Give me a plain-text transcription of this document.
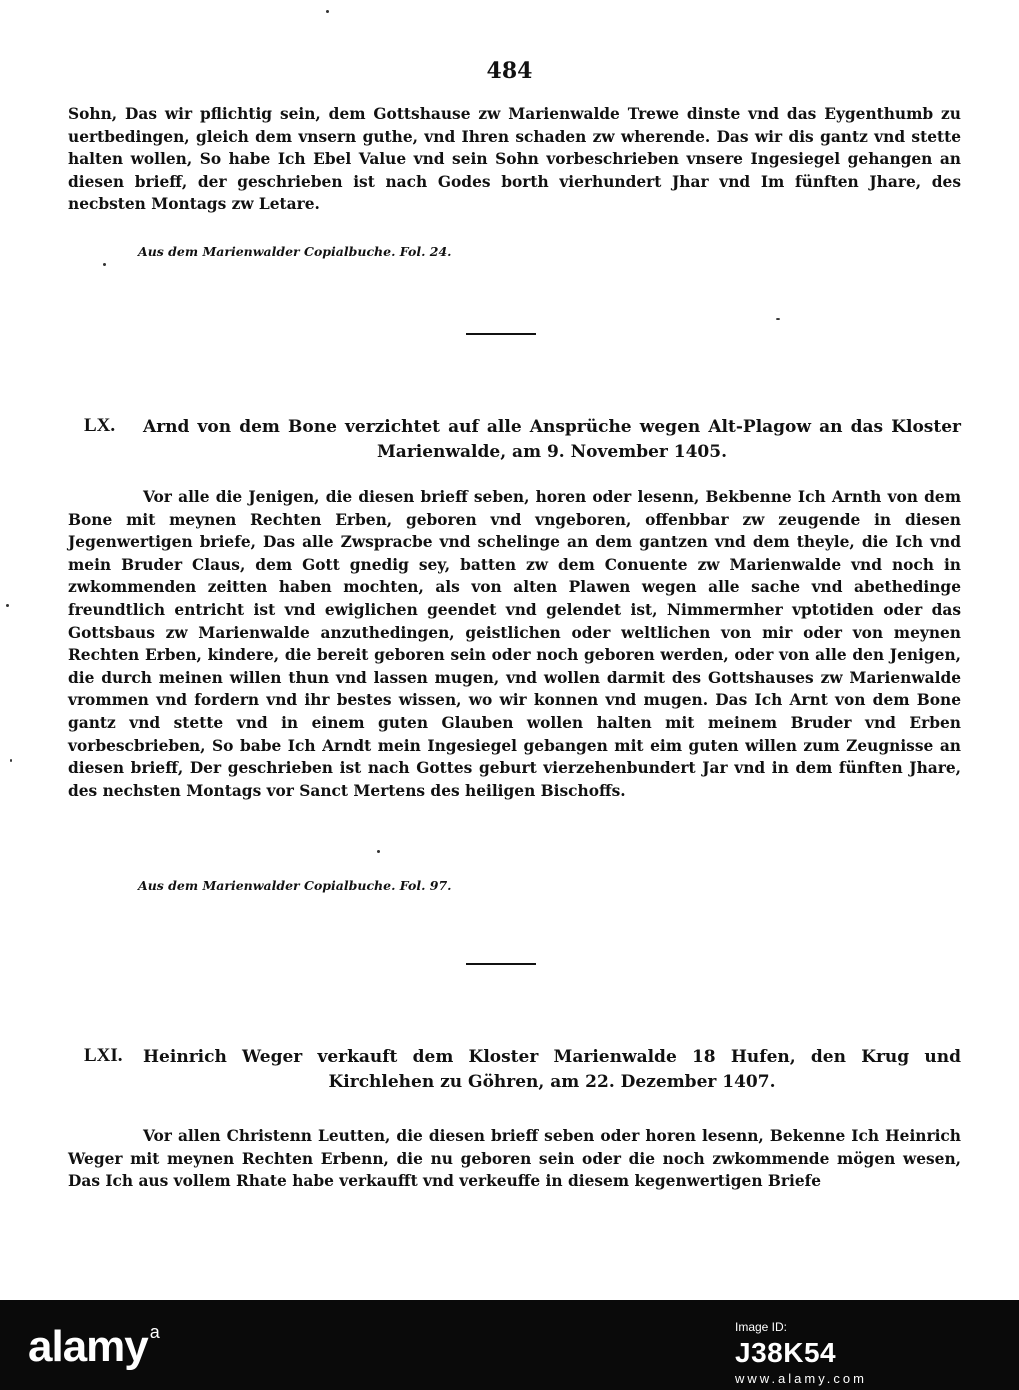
484

Sohn, Das wir pflichtig sein, dem Gottshause zw Marienwalde Trewe dinste vnd das Eygenthumb zu uertbedingen, gleich dem vnsern guthe, vnd Ihren schaden zw wherende. Das wir dis gantz vnd stette halten wollen, So habe Ich Ebel Value vnd sein Sohn vorbeschrieben vnsere Ingesiegel gehangen an diesen brieff, der geschrieben ist nach Godes borth vierhundert Jhar vnd Im fünften Jhare, des necbsten Montags zw Letare.

Aus dem Marienwalder Copialbuche. Fol. 24.
LX.	Arnd von dem Bone verzichtet auf alle Ansprüche wegen Alt-Plagow an das Kloster Marienwalde, am 9. November 1405.

Vor alle die Jenigen, die diesen brieff seben, horen oder lesenn, Bekbenne Ich Arnth von dem Bone mit meynen Rechten Erben, geboren vnd vngeboren, offenbbar zw zeugende in diesen Jegenwertigen briefe, Das alle Zwspracbe vnd schelinge an dem gantzen vnd dem theyle, die Ich vnd mein Bruder Claus, dem Gott gnedig sey, batten zw dem Conuente zw Marienwalde vnd noch in zwkommenden zeitten haben mochten, als von alten Plawen wegen alle sache vnd abethedinge freundtlich entricht ist vnd ewiglichen geendet vnd gelendet ist, Nimmermher vptotiden oder das Gottsbaus zw Marienwalde anzuthedingen, geistlichen oder weltlichen von mir oder von meynen Rechten Erben, kindere, die bereit geboren sein oder noch geboren werden, oder von alle den Jenigen, die durch meinen willen thun vnd lassen mugen, vnd wollen darmit des Gottshauses zw Marienwalde vrommen vnd fordern vnd ihr bestes wissen, wo wir konnen vnd mugen. Das Ich Arnt von dem Bone gantz vnd stette vnd in einem guten Glauben wollen halten mit meinem Bruder vnd Erben vorbescbrieben, So babe Ich Arndt mein Ingesiegel gebangen mit eim guten willen zum Zeugnisse an diesen brieff, Der geschrieben ist nach Gottes geburt vierzehenbundert Jar vnd in dem fünften Jhare, des nechsten Montags vor Sanct Mertens des heiligen Bischoffs.

Aus dem Marienwalder Copialbuche. Fol. 97.
LXI.	Heinrich Weger verkauft dem Kloster Marienwalde 18 Hufen, den Krug und Kirchlehen zu Göhren, am 22. Dezember 1407.

Vor allen Christenn Leutten, die diesen brieff seben oder horen lesenn, Bekenne Ich Heinrich Weger mit meynen Rechten Erbenn, die nu geboren sein oder die noch zwkommende mögen wesen, Das Ich aus vollem Rhate habe verkaufft vnd verkeuffe in diesem kegenwertigen Briefe

alamy $^a$	Image ID:
J38K54
www.alamy.com
